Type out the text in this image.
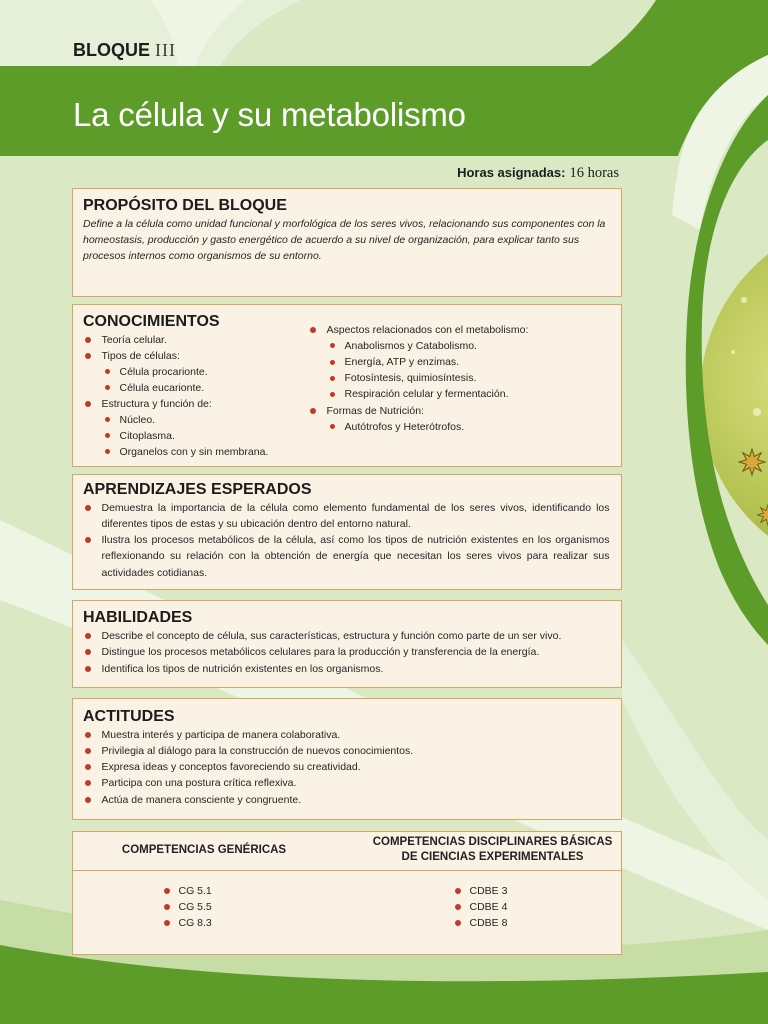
BLOQUE III
La célula y su metabolismo
Horas asignadas: 16 horas
PROPÓSITO DEL BLOQUE

Define a la célula como unidad funcional y morfológica de los seres vivos, relacionando sus componentes con la homeostasis, producción y gasto energético de acuerdo a su nivel de organización, para explicar tanto sus procesos internos como organismos de su entorno.

CONOCIMIENTOS
Teoría celular.
Tipos de células:
Célula procarionte.
Célula eucarionte.
Estructura y función de:
Núcleo.
Citoplasma.
Organelos con y sin membrana.
Aspectos relacionados con el metabolismo:
Anabolismos y Catabolismo.
Energía, ATP y enzimas.
Fotosíntesis, quimiosíntesis.
Respiración celular y fermentación.
Formas de Nutrición:
Autótrofos y Heterótrofos.
APRENDIZAJES ESPERADOS
Demuestra la importancia de la célula como elemento fundamental de los seres vivos, identificando los diferentes tipos de estas y su ubicación dentro del entorno natural.
Ilustra los procesos metabólicos de la célula, así como los tipos de nutrición existentes en los organismos reflexionando su relación con la obtención de energía que necesitan los seres vivos para realizar sus actividades cotidianas.
HABILIDADES
Describe el concepto de célula, sus características, estructura y función como parte de un ser vivo.
Distingue los procesos metabólicos celulares para la producción y transferencia de la energía.
Identifica los tipos de nutrición existentes en los organismos.
ACTITUDES
Muestra interés y participa de manera colaborativa.
Privilegia al diálogo para la construcción de nuevos conocimientos.
Expresa ideas y conceptos favoreciendo su creatividad.
Participa con una postura crítica reflexiva.
Actúa de manera consciente y congruente.
COMPETENCIAS GENÉRICAS
COMPETENCIAS DISCIPLINARES BÁSICAS
DE CIENCIAS EXPERIMENTALES
CG 5.1
CG 5.5
CG 8.3
CDBE 3
CDBE 4
CDBE 8
